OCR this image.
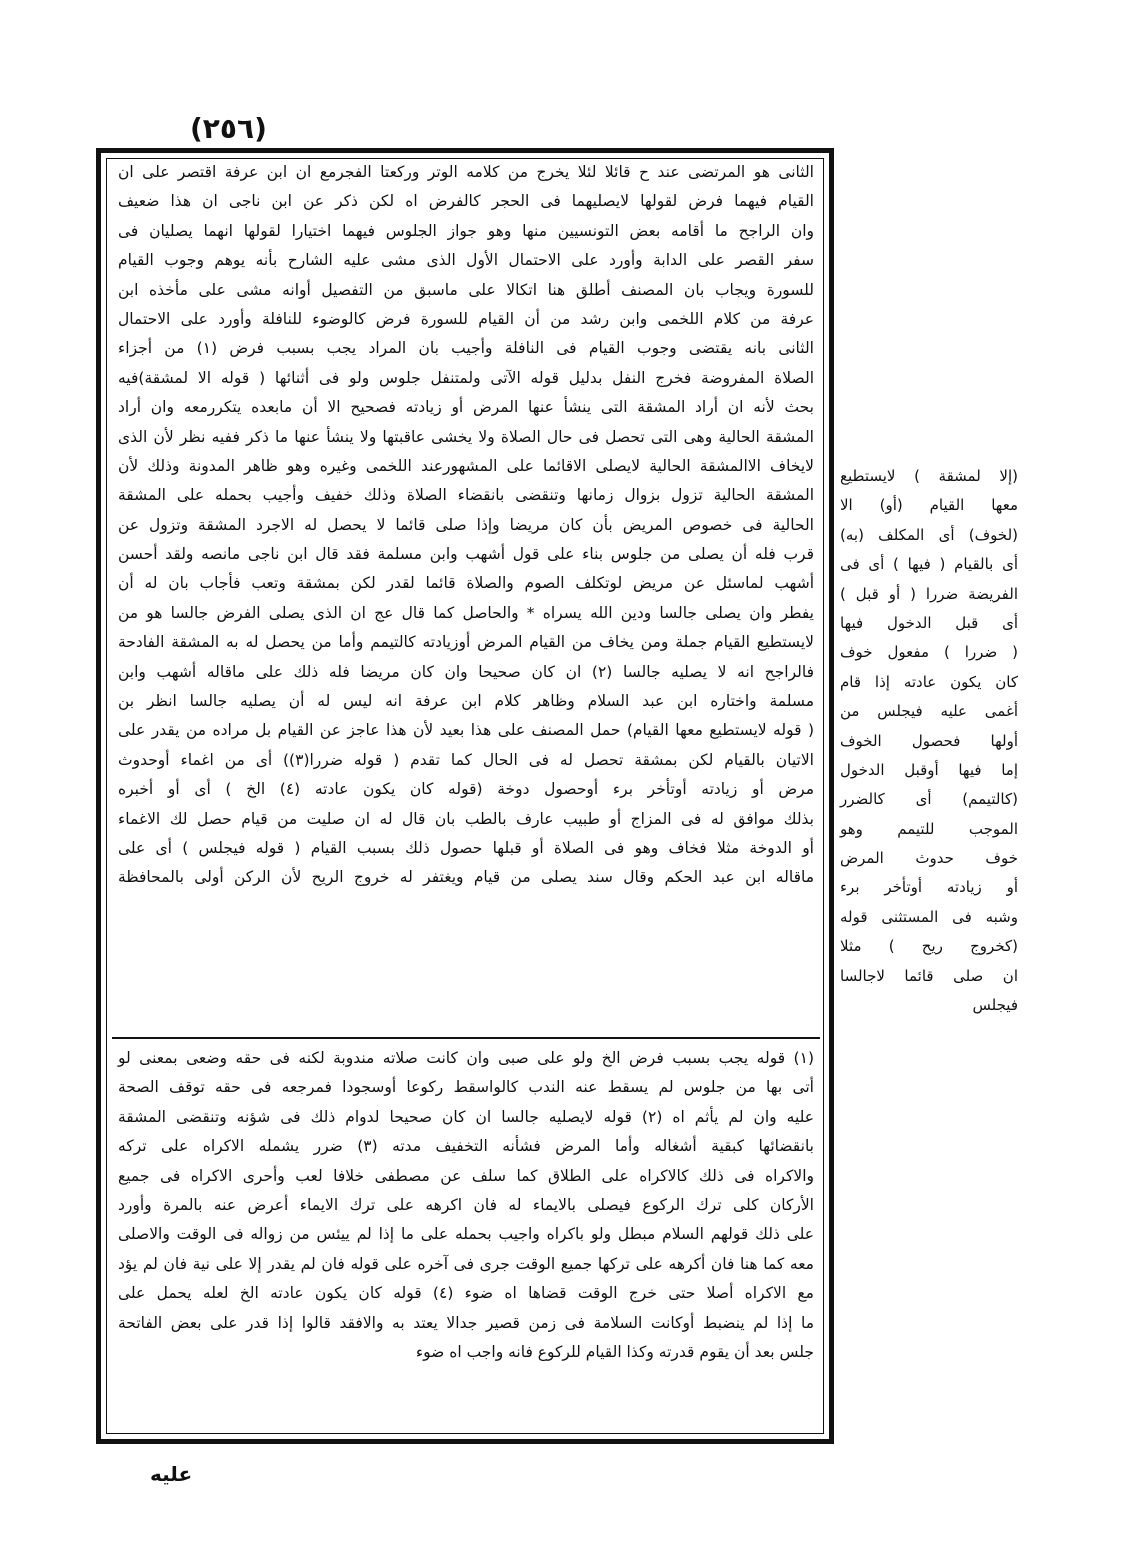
(٢٥٦)
الثانى هو المرتضى عند ح قائلا لئلا يخرج من كلامه الوتر وركعتا الفجرمع ان ابن عرفة اقتصر على ان
القيام فيهما فرض لقولها لايصليهما فى الحجر كالفرض اه لكن ذكر عن ابن ناجى ان هذا ضعيف
وان الراجح ما أقامه بعض التونسيين منها وهو جواز الجلوس فيهما اختيارا لقولها انهما يصليان فى
سفر القصر على الدابة وأورد على الاحتمال الأول الذى مشى عليه الشارح بأنه يوهم وجوب القيام
للسورة ويجاب بان المصنف أطلق هنا اتكالا على ماسبق من التفصيل أوانه مشى على مأخذه ابن
عرفة من كلام اللخمى وابن رشد من أن القيام للسورة فرض كالوضوء للنافلة وأورد على الاحتمال
الثانى بانه يقتضى وجوب القيام فى النافلة وأجيب بان المراد يجب بسبب فرض (١) من أجزاء
الصلاة المفروضة فخرج النفل بدليل قوله الآتى ولمتنفل جلوس ولو فى أثنائها ( قوله الا لمشقة)فيه
بحث لأنه ان أراد المشقة التى ينشأ عنها المرض أو زيادته فصحيح الا أن مابعده يتكررمعه وان أراد
المشقة الحالية وهى التى تحصل فى حال الصلاة ولا يخشى عاقبتها ولا ينشأ عنها ما ذكر ففيه نظر لأن الذى
لايخاف الاالمشقة الحالية لايصلى الاقائما على المشهورعند اللخمى وغيره وهو ظاهر المدونة وذلك لأن
المشقة الحالية تزول بزوال زمانها وتنقضى بانقضاء الصلاة وذلك خفيف وأجيب بحمله على المشقة
الحالية فى خصوص المريض بأن كان مريضا وإذا صلى قائما لا يحصل له الاجرد المشقة وتزول عن
قرب فله أن يصلى من جلوس بناء على قول أشهب وابن مسلمة فقد قال ابن ناجى مانصه ولقد أحسن
أشهب لماسئل عن مريض لوتكلف الصوم والصلاة قائما لقدر لكن بمشقة وتعب فأجاب بان له أن
يفطر وان يصلى جالسا ودين الله يسراه * والحاصل كما قال عج ان الذى يصلى الفرض جالسا هو من
لايستطيع القيام جملة ومن يخاف من القيام المرض أوزيادته كالتيمم وأما من يحصل له به المشقة الفادحة
فالراجح انه لا يصليه جالسا (٢) ان كان صحيحا وان كان مريضا فله ذلك على ماقاله أشهب وابن
مسلمة واختاره ابن عبد السلام وظاهر كلام ابن عرفة انه ليس له أن يصليه جالسا انظر بن
( قوله لايستطيع معها القيام) حمل المصنف على هذا بعيد لأن هذا عاجز عن القيام بل مراده من يقدر على
الاتيان بالقيام لكن بمشقة تحصل له فى الحال كما تقدم ( قوله ضررا(٣)) أى من اغماء أوحدوث
مرض أو زيادته أوتأخر برء أوحصول دوخة (قوله كان يكون عادته (٤) الخ ) أى أو أخبره
بذلك موافق له فى المزاج أو طبيب عارف بالطب بان قال له ان صليت من قيام حصل لك الاغماء
أو الدوخة مثلا فخاف وهو فى الصلاة أو قبلها حصول ذلك بسبب القيام ( قوله فيجلس ) أى على
ماقاله ابن عبد الحكم وقال سند يصلى من قيام ويغتفر له خروج الريح لأن الركن أولى بالمحافظة
(١) قوله يجب بسبب فرض الخ ولو على صبى وان كانت صلاته مندوبة لكنه فى حقه وضعى بمعنى لو
أتى بها من جلوس لم يسقط عنه الندب كالواسقط ركوعا أوسجودا فمرجعه فى حقه توقف الصحة
عليه وان لم يأثم اه (٢) قوله لايصليه جالسا ان كان صحيحا لدوام ذلك فى شؤنه وتنقضى المشقة
بانقضائها كبقية أشغاله وأما المرض فشأنه التخفيف مدته (٣) ضرر يشمله الاكراه على تركه
والاكراه فى ذلك كالاكراه على الطلاق كما سلف عن مصطفى خلافا لعب وأحرى الاكراه فى جميع
الأركان كلى ترك الركوع فيصلى بالايماء له فان اكرهه على ترك الايماء أعرض عنه بالمرة وأورد
على ذلك قولهم السلام مبطل ولو باكراه واجيب بحمله على ما إذا لم ييئس من زواله فى الوقت والاصلى
معه كما هنا فان أكرهه على تركها جميع الوقت جرى فى آخره على قوله فان لم يقدر إلا على نية فان لم يؤد
مع الاكراه أصلا حتى خرج الوقت قضاها اه ضوء (٤) قوله كان يكون عادته الخ لعله يحمل على
ما إذا لم ينضبط أوكانت السلامة فى زمن قصير جدالا يعتد به والافقد قالوا إذا قدر على بعض الفاتحة
جلس بعد أن يقوم قدرته وكذا القيام للركوع فانه واجب اه ضوء
(إلا لمشقة ) لايستطيع
معها القيام (أو) الا
(لخوف) أى المكلف (به)
أى بالقيام ( فيها ) أى فى
الفريضة ضررا ( أو قبل )
أى قبل الدخول فيها
( ضررا ) مفعول خوف
كان يكون عادته إذا قام
أغمى عليه فيجلس من
أولها فحصول الخوف
إما فيها أوقبل الدخول
(كالتيمم) أى كالضرر
الموجب للتيمم وهو
خوف حدوث المرض
أو زيادته أوتأخر برء
وشبه فى المستثنى قوله
(كخروج ريح ) مثلا
ان صلى قائما لاجالسا
فيجلس
عليه
